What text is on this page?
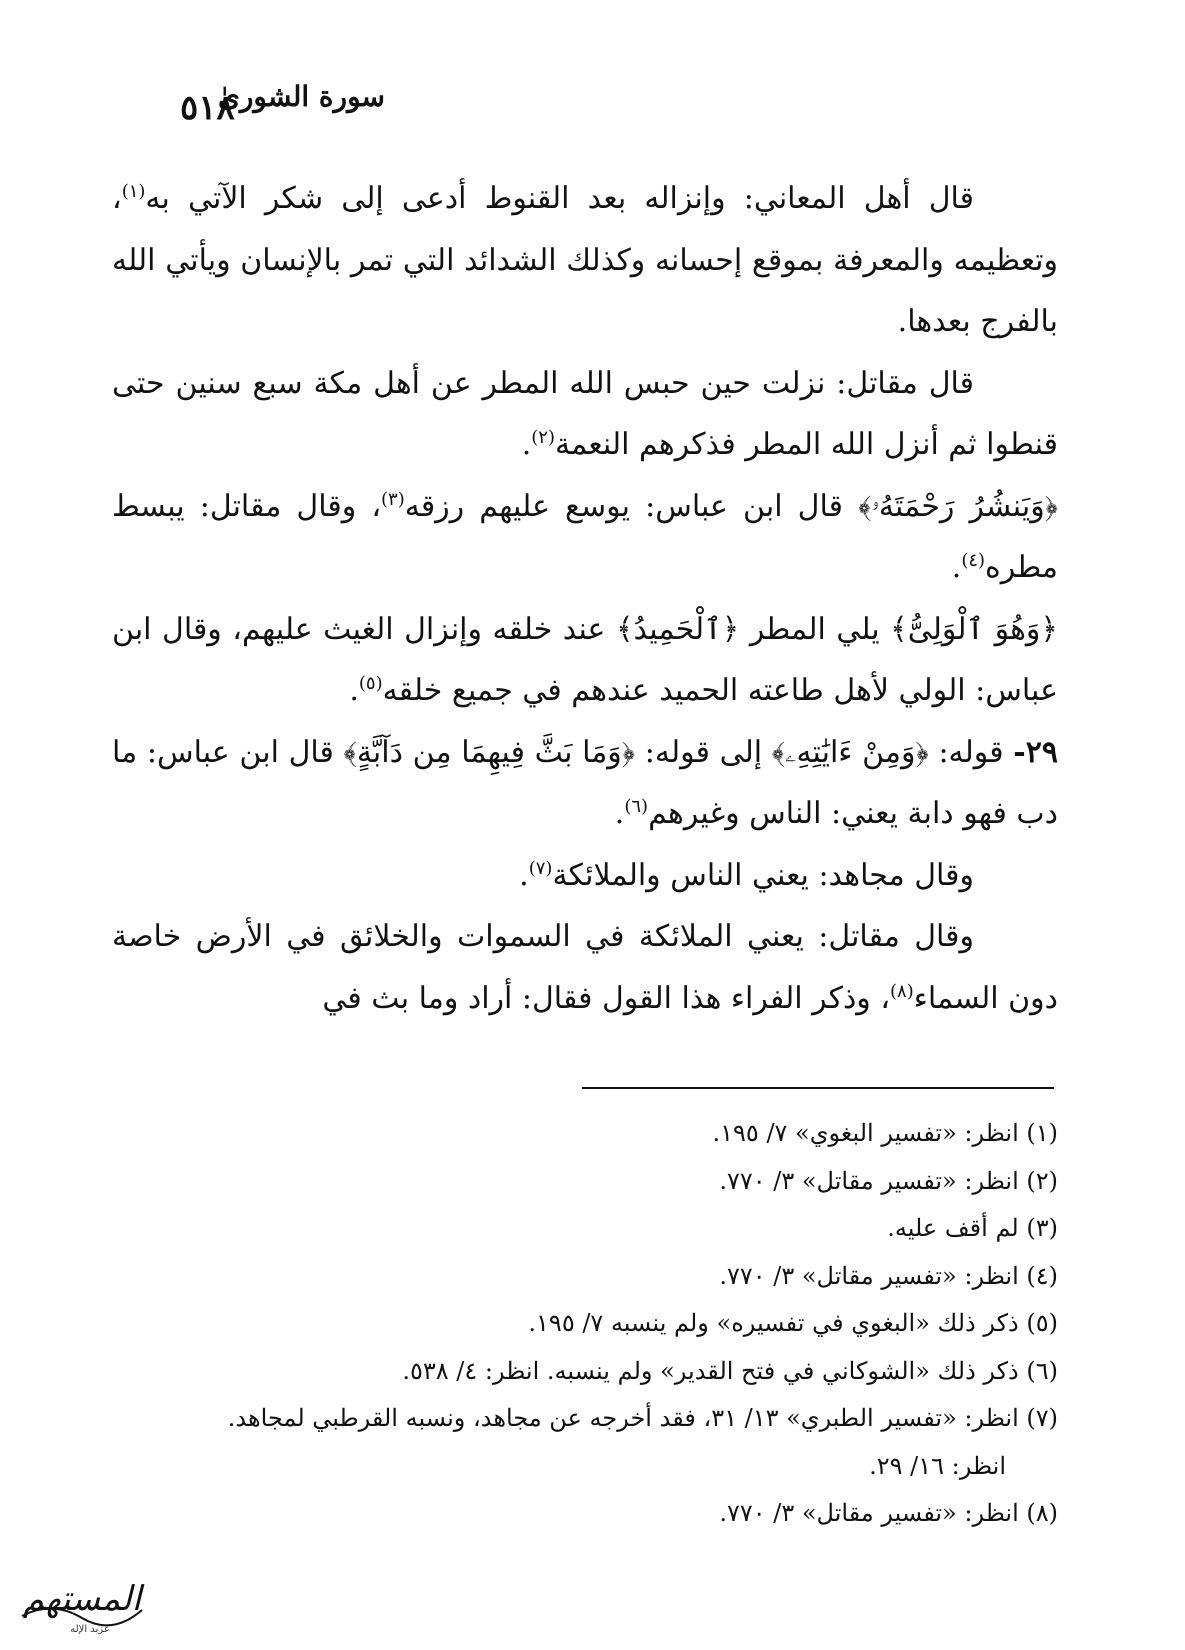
٥١٨
سورة الشورىٰ

قال أهل المعاني: وإنزاله بعد القنوط أدعى إلى شكر الآتي به$^{(١)}$، وتعظيمه والمعرفة بموقع إحسانه وكذلك الشدائد التي تمر بالإنسان ويأتي الله بالفرج بعدها.

قال مقاتل: نزلت حين حبس الله المطر عن أهل مكة سبع سنين حتى قنطوا ثم أنزل الله المطر فذكرهم النعمة$^{(٢)}$.

﴿وَيَنشُرُ رَحْمَتَهُۥ﴾ قال ابن عباس: يوسع عليهم رزقه$^{(٣)}$، وقال مقاتل: يبسط مطره$^{(٤)}$.

﴿وَهُوَ ٱلْوَلِىُّ﴾ يلي المطر ﴿ٱلْحَمِيدُ﴾ عند خلقه وإنزال الغيث عليهم، وقال ابن عباس: الولي لأهل طاعته الحميد عندهم في جميع خلقه$^{(٥)}$.

٢٩- قوله: ﴿وَمِنْ ءَايَٰتِهِۦ﴾ إلى قوله: ﴿وَمَا بَثَّ فِيهِمَا مِن دَآبَّةٍ﴾ قال ابن عباس: ما دب فهو دابة يعني: الناس وغيرهم$^{(٦)}$.

وقال مجاهد: يعني الناس والملائكة$^{(٧)}$.

وقال مقاتل: يعني الملائكة في السموات والخلائق في الأرض خاصة دون السماء$^{(٨)}$، وذكر الفراء هذا القول فقال: أراد وما بث في

(١) انظر: «تفسير البغوي» ٧/ ١٩٥.
(٢) انظر: «تفسير مقاتل» ٣/ ٧٧٠.
(٣) لم أقف عليه.
(٤) انظر: «تفسير مقاتل» ٣/ ٧٧٠.
(٥) ذكر ذلك «البغوي في تفسيره» ولم ينسبه ٧/ ١٩٥.
(٦) ذكر ذلك «الشوكاني في فتح القدير» ولم ينسبه. انظر: ٤/ ٥٣٨.
(٧) انظر: «تفسير الطبري» ١٣/ ٣١، فقد أخرجه عن مجاهد، ونسبه القرطبي لمجاهد.
انظر: ١٦/ ٢٩.
(٨) انظر: «تفسير مقاتل» ٣/ ٧٧٠.
المستهم
عزبد الإله
